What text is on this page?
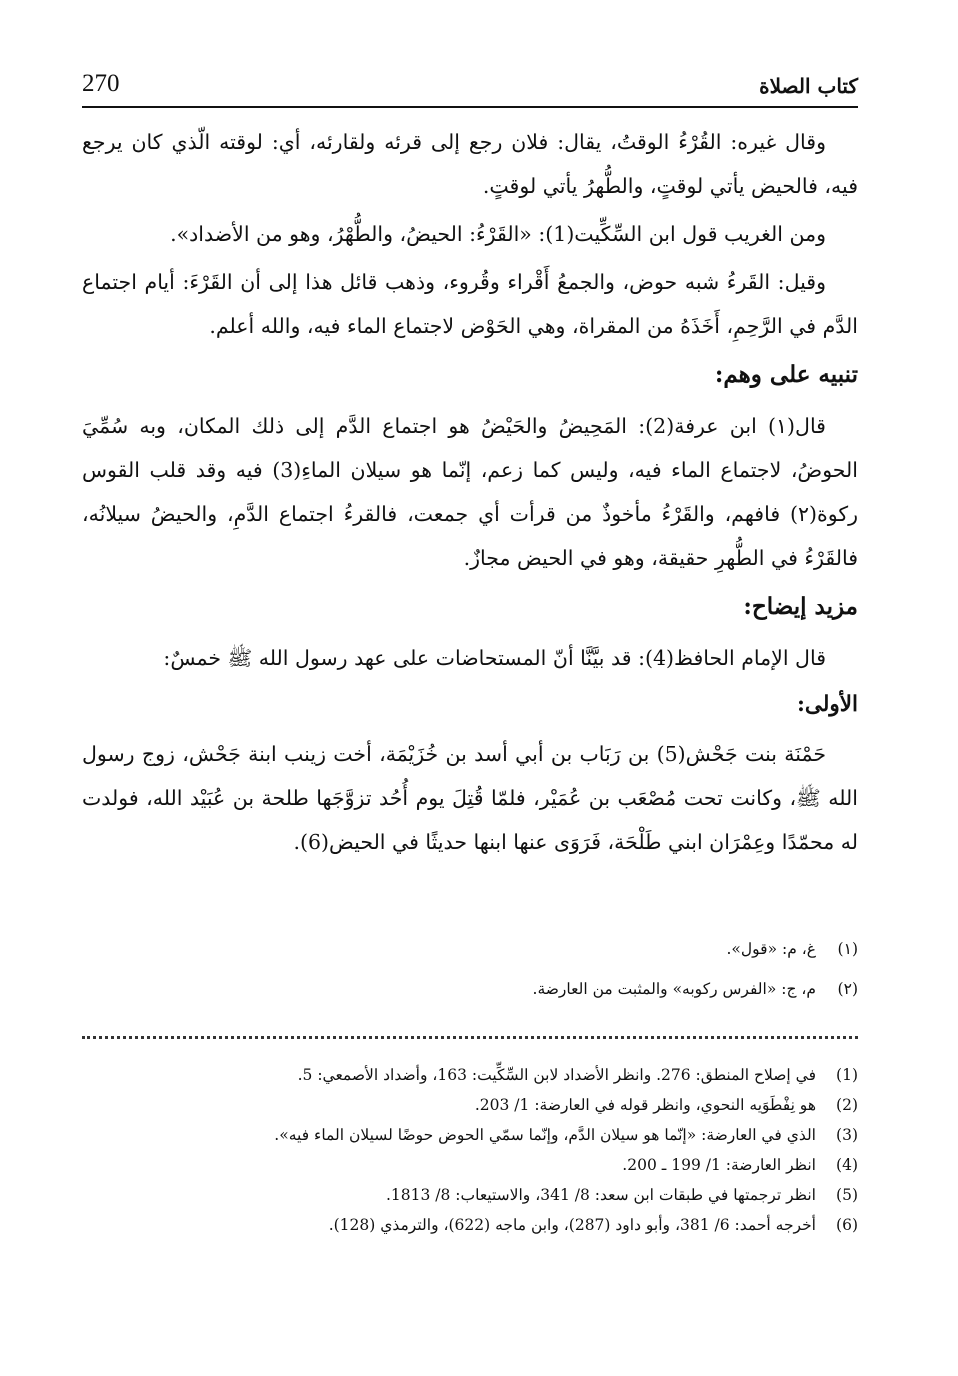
270	كتاب الصلاة

وقال غيره: القُرْءُ الوقتُ، يقال: فلان رجع إلى قرئه ولقارئه، أي: لوقته الّذي كان يرجع فيه، فالحيض يأتي لوقتٍ، والطُّهرُ يأتي لوقتٍ.

ومن الغريب قول ابن السِّكِّيت(1): «القَرْءُ: الحيضُ، والطُّهْرُ، وهو من الأضداد».

وقيل: القَرءُ شبه حوض، والجمعُ أَقْراء وقُروء، وذهب قائل هذا إلى أن القَرْءَ: أيام اجتماع الدَّم في الرَّحِمِ، أَخَذَهُ من المقراة، وهي الحَوْض لاجتماع الماء فيه، والله أعلم.

تنبيه على وهم:

قال(١) ابن عرفة(2): المَحِيضُ والحَيْضُ هو اجتماع الدَّم إلى ذلك المكان، وبه سُمِّيَ الحوضُ، لاجتماع الماء فيه، وليس كما زعم، إنّما هو سيلان الماءِ(3) فيه وقد قلب القوس ركوة(٢) فافهم، والقَرْءُ مأخوذٌ من قرأت أي جمعت، فالقرءُ اجتماع الدَّمِ، والحيضُ سيلانُه، فالقَرْءُ في الطُّهرِ حقيقة، وهو في الحيض مجازٌ.

مزيد إيضاح:

قال الإمام الحافظ(4): قد بيَّنَّا أنّ المستحاضات على عهد رسول الله ﷺ خمسٌ:

الأولى:

حَمْنَة بنت جَحْش(5) بن رَبَاب بن أبي أسد بن خُزَيْمَة، أخت زينب ابنة جَحْش، زوج رسول الله ﷺ، وكانت تحت مُصْعَب بن عُمَيْر، فلمّا قُتِلَ يوم أُحُد تزوَّجَها طلحة بن عُبَيْد الله، فولدت له محمّدًا وعِمْرَان ابني طَلْحَة، فَرَوَى عنها ابنها حديثًا في الحيض(6).

(١)
غ، م: «قول».
(٢)
م، ج: «الفرس ركوبه» والمثبت من العارضة.
(1)
في إصلاح المنطق: 276. وانظر الأضداد لابن السِّكِّيت: 163، وأضداد الأصمعي: 5.
(2)
هو نِفْطَوَيه النحوي، وانظر قوله في العارضة: 1/ 203.
(3)
الذي في العارضة: «إنّما هو سيلان الدَّم، وإنّما سمّي الحوض حوضًا لسيلان الماء فيه».
(4)
انظر العارضة: 1/ 199 ـ 200.
(5)
انظر ترجمتها في طبقات ابن سعد: 8/ 341، والاستيعاب: 8/ 1813.
(6)
أخرجه أحمد: 6/ 381، وأبو داود (287)، وابن ماجه (622)، والترمذي (128).
